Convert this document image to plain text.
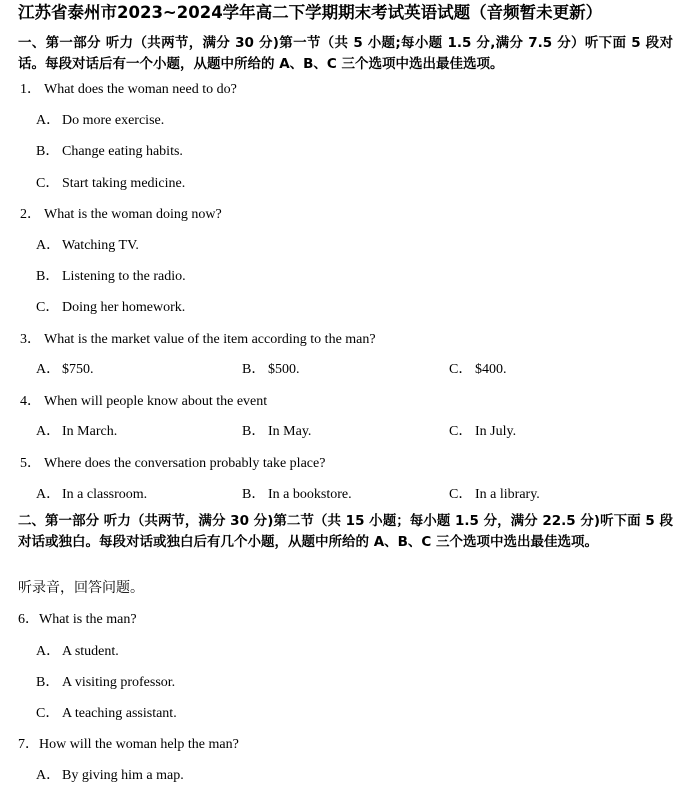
江苏省泰州市2023~2024学年高二下学期期末考试英语试题（音频暂未更新）
一、第一部分 听力（共两节，满分 30 分)第一节（共 5 小题;每小题 1.5 分,满分 7.5 分）听下面 5 段对话。每段对话后有一个小题，从题中所给的 A、B、C 三个选项中选出最佳选项。
1． What does the woman need to do?
A． Do more exercise.
B． Change eating habits.
C． Start taking medicine.
2． What is the woman doing now?
A． Watching TV.
B． Listening to the radio.
C． Doing her homework.
3． What is the market value of the item according to the man?
A． $750.	B． $500.	C． $400.
4． When will people know about the event
A． In March.	B． In May.	C． In July.
5． Where does the conversation probably take place?
A． In a classroom.	B． In a bookstore.	C． In a library.
二、第一部分 听力（共两节，满分 30 分)第二节（共 15 小题；每小题 1.5 分，满分 22.5 分)听下面 5 段对话或独白。每段对话或独白后有几个小题，从题中所给的 A、B、C 三个选项中选出最佳选项。
听录音，回答问题。
6．What is the man?
A． A student.
B． A visiting professor.
C． A teaching assistant.
7．How will the woman help the man?
A． By giving him a map.
